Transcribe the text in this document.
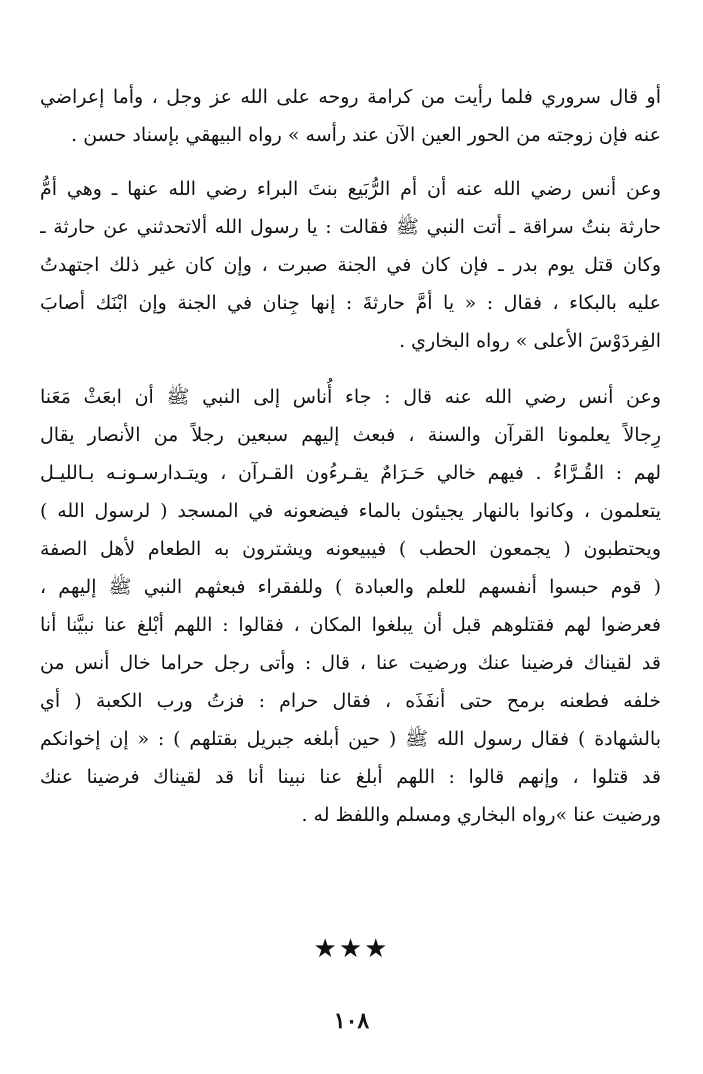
أو قال سروري فلما رأيت من كرامة روحه على الله عز وجل ، وأما إعراضي
عنه فإن زوجته من الحور العين الآن عند رأسه » رواه البيهقي بإسناد حسن .
وعن أنس رضي الله عنه أن أم الرُّبَيع بنتَ البراء رضي الله عنها ـ وهي أمُّ
حارثة بنتُ سراقة ـ أتت النبي ﷺ فقالت : يا رسول الله ألاتحدثني عن حارثة ـ
وكان قتل يوم بدر ـ فإن كان في الجنة صبرت ، وإن كان غير ذلك اجتهدتُ
عليه بالبكاء ، فقال : « يا أمَّ حارثةَ : إنها جِنان في الجنة وإن ابْنَك أصابَ
الفِردَوْسَ الأعلى » رواه البخاري .
وعن أنس رضي الله عنه قال : جاء أُناس إلى النبي ﷺ أن ابعَثْ مَعَنا
رِجالاً يعلمونا القرآن والسنة ، فبعث إليهم سبعين رجلاً من الأنصار يقال
لهم : القُـرَّاءُ . فيهم خالي حَـرَامٌ يقـرءُون القـرآن ، ويتـدارسـونـه بـالليـل
يتعلمون ، وكانوا بالنهار يجيئون بالماء فيضعونه في المسجد ( لرسول الله )
ويحتطبون ( يجمعون الحطب ) فيبيعونه ويشترون به الطعام لأهل الصفة
( قوم حبسوا أنفسهم للعلم والعبادة ) وللفقراء فبعثهم النبي ﷺ إليهم ،
فعرضوا لهم فقتلوهم قبل أن يبلغوا المكان ، فقالوا : اللهم أبْلغ عنا نبيَّنا أنا
قد لقيناك فرضينا عنك ورضيت عنا ، قال : وأتى رجل حراما خال أنس من
خلفه فطعنه برمح حتى أنفَذَه ، فقال حرام : فزتُ ورب الكعبة ( أي
بالشهادة ) فقال رسول الله ﷺ ( حين أبلغه جبريل بقتلهم ) : « إن إخوانكم
قد قتلوا ، وإنهم قالوا : اللهم أبلغ عنا نبينا أنا قد لقيناك فرضينا عنك
ورضيت عنا »رواه البخاري ومسلم واللفظ له .
★★★
١٠٨
